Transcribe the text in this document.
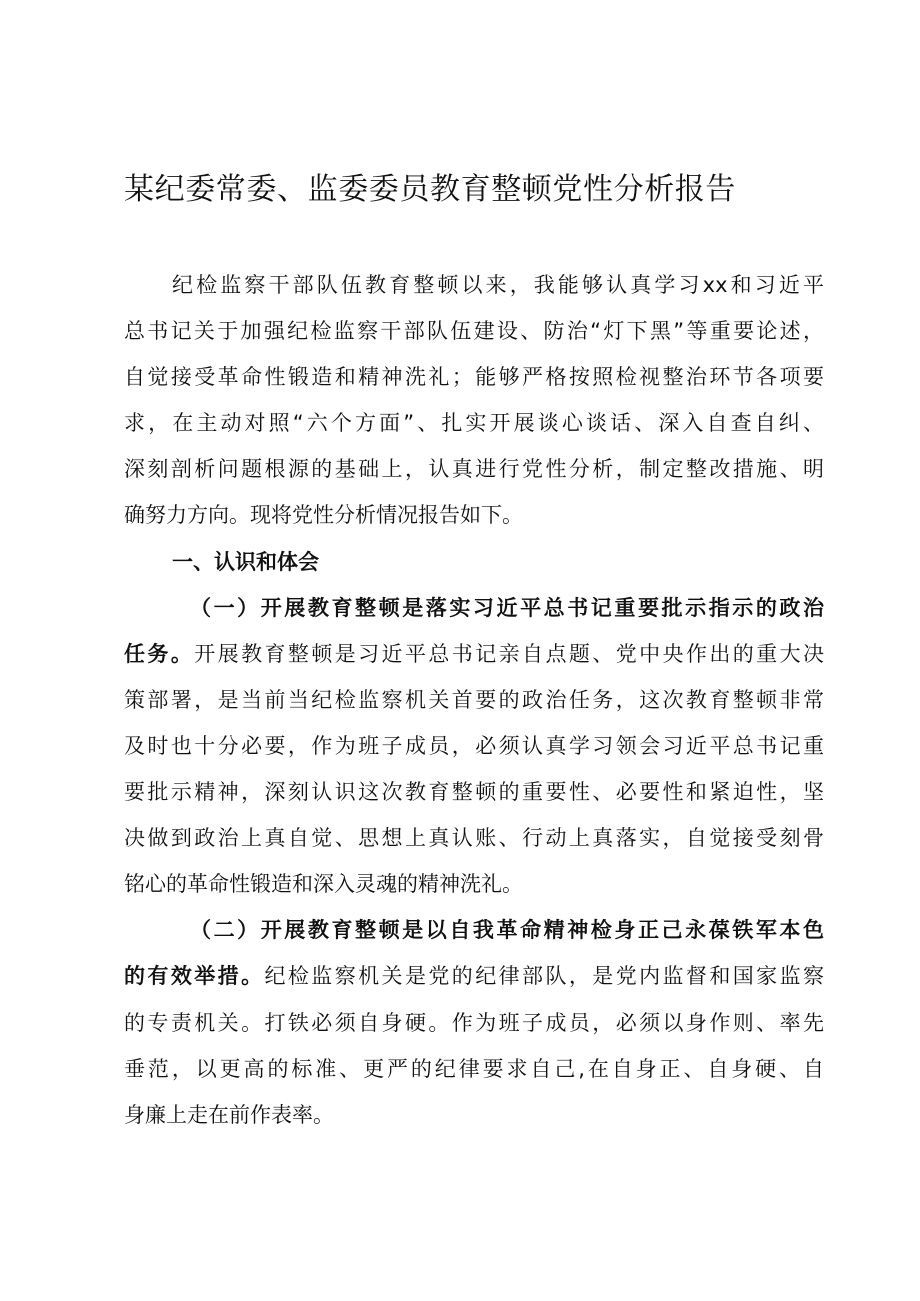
某纪委常委、监委委员教育整顿党性分析报告
纪检监察干部队伍教育整顿以来，我能够认真学习xx和习近平
总书记关于加强纪检监察干部队伍建设、防治“灯下黑”等重要论述，
自觉接受革命性锻造和精神洗礼；能够严格按照检视整治环节各项要
求，在主动对照“六个方面”、扎实开展谈心谈话、深入自查自纠、
深刻剖析问题根源的基础上，认真进行党性分析，制定整改措施、明
确努力方向。现将党性分析情况报告如下。
一、认识和体会
（一）开展教育整顿是落实习近平总书记重要批示指示的政治
任务。开展教育整顿是习近平总书记亲自点题、党中央作出的重大决
策部署，是当前当纪检监察机关首要的政治任务，这次教育整顿非常
及时也十分必要，作为班子成员，必须认真学习领会习近平总书记重
要批示精神，深刻认识这次教育整顿的重要性、必要性和紧迫性，坚
决做到政治上真自觉、思想上真认账、行动上真落实，自觉接受刻骨
铭心的革命性锻造和深入灵魂的精神洗礼。
（二）开展教育整顿是以自我革命精神检身正己永葆铁军本色
的有效举措。纪检监察机关是党的纪律部队，是党内监督和国家监察
的专责机关。打铁必须自身硬。作为班子成员，必须以身作则、率先
垂范，以更高的标准、更严的纪律要求自己,在自身正、自身硬、自
身廉上走在前作表率。
